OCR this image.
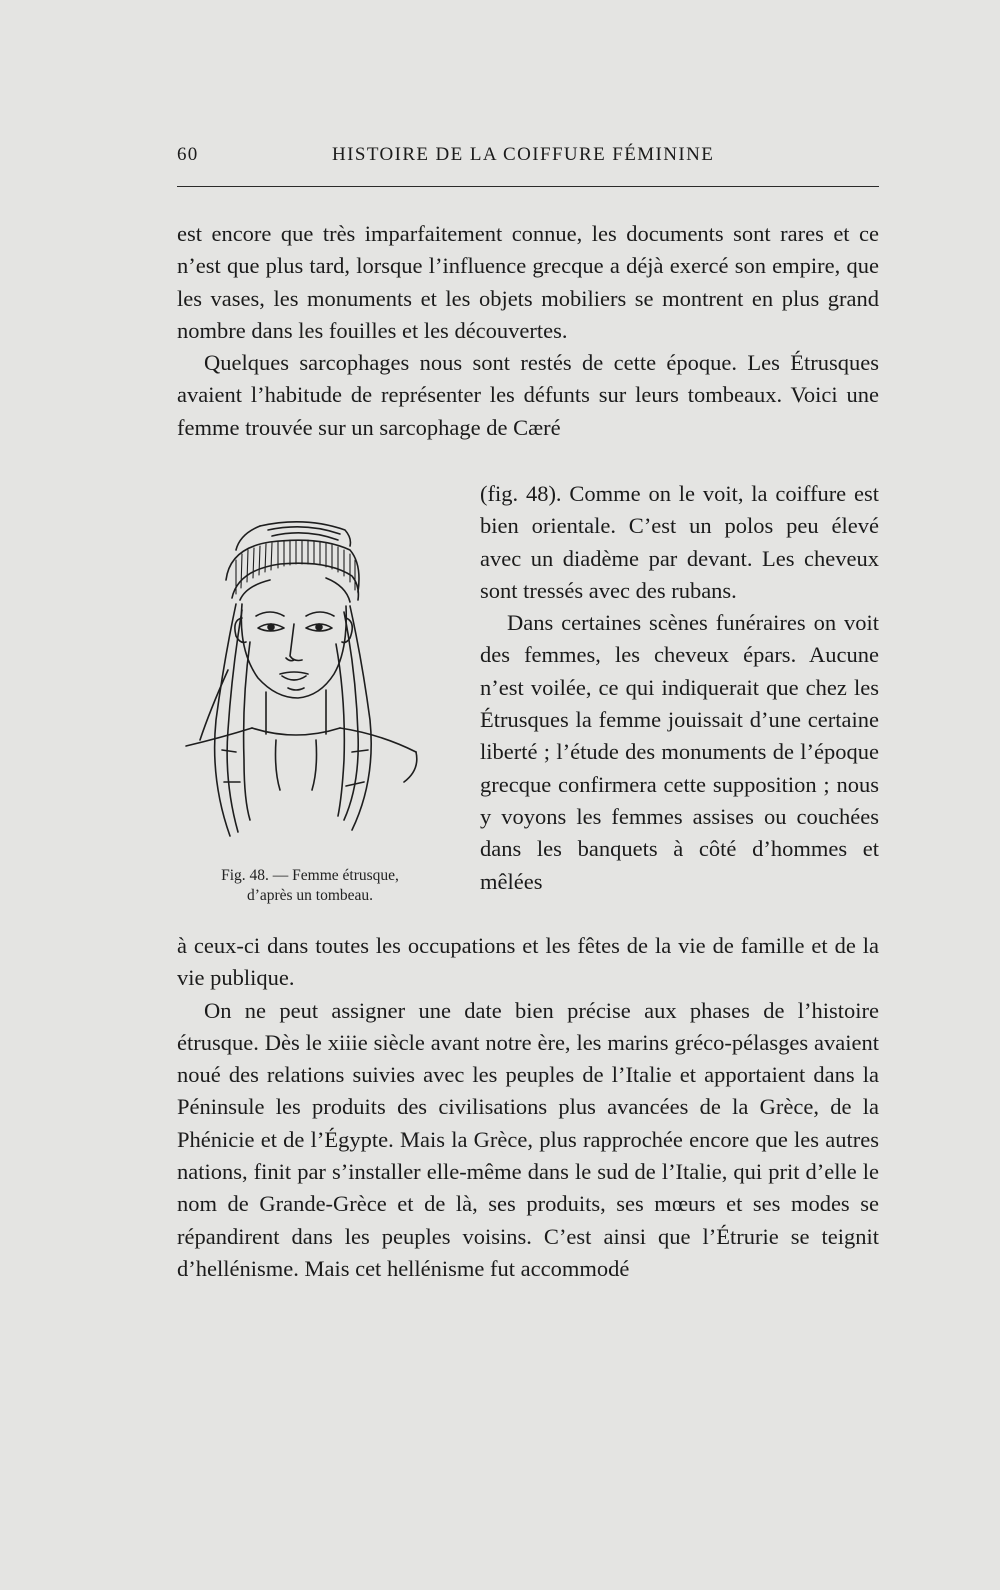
60	HISTOIRE DE LA COIFFURE FÉMININE

est encore que très imparfaitement connue, les documents sont rares et ce n’est que plus tard, lorsque l’influence grecque a déjà exercé son empire, que les vases, les monuments et les objets mobiliers se montrent en plus grand nombre dans les fouilles et les découvertes.

Quelques sarcophages nous sont restés de cette époque. Les Étrusques avaient l’habitude de représenter les défunts sur leurs tombeaux. Voici une femme trouvée sur un sarcophage de Cæré

(fig. 48). Comme on le voit, la coiffure est bien orientale. C’est un polos peu élevé avec un diadème par devant. Les cheveux sont tressés avec des rubans.

Dans certaines scènes funéraires on voit des femmes, les cheveux épars. Aucune n’est voilée, ce qui indiquerait que chez les Étrusques la femme jouissait d’une certaine liberté ; l’étude des monuments de l’époque grecque confirmera cette supposition ; nous y voyons les femmes assises ou couchées dans les banquets à côté d’hommes et mêlées

Fig. 48. — Femme étrusque,
d’après un tombeau.

à ceux-ci dans toutes les occupations et les fêtes de la vie de famille et de la vie publique.

On ne peut assigner une date bien précise aux phases de l’histoire étrusque. Dès le xiiie siècle avant notre ère, les marins gréco-pélasges avaient noué des relations suivies avec les peuples de l’Italie et apportaient dans la Péninsule les produits des civilisations plus avancées de la Grèce, de la Phénicie et de l’Égypte. Mais la Grèce, plus rapprochée encore que les autres nations, finit par s’installer elle-même dans le sud de l’Italie, qui prit d’elle le nom de Grande-Grèce et de là, ses produits, ses mœurs et ses modes se répandirent dans les peuples voisins. C’est ainsi que l’Étrurie se teignit d’hellénisme. Mais cet hellénisme fut accommodé
